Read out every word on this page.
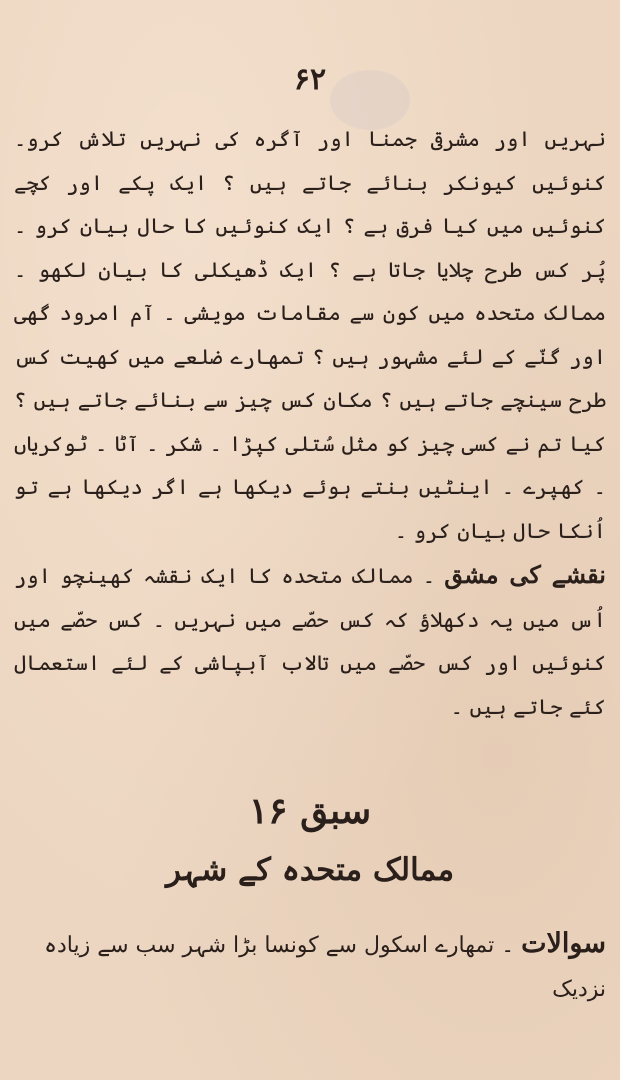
۶۲

نہریں اور مشرقی جمنا اور آگرہ کی نہریں تلاش کرو۔ کنوئیں کیونکر بنائے جاتے ہیں ؟ ایک پکے اور کچے کنوئیں میں کیا فرق ہے ؟ ایک کنوئیں کا حال بیان کرو ۔ پُر کس طرح چلایا جاتا ہے ؟ ایک ڈھیکلی کا بیان لکھو ۔ ممالک متحدہ میں کون سے مقامات مویشی ۔ آم امرود گھی اور گنّے کے لئے مشہور ہیں ؟ تمھارے ضلعے میں کھیت کس طرح سینچے جاتے ہیں ؟ مکان کس چیز سے بنائے جاتے ہیں ؟ کیا تم نے کسی چیز کو مثل سُتلی کپڑا ۔ شکر ۔ آٹا ۔ ٹوکریاں ۔ کھپرے ۔ اینٹیں بنتے ہوئے دیکھا ہے اگر دیکھا ہے تو اُنکا حال بیان کرو ۔

نقشے کی مشق ۔ ممالک متحدہ کا ایک نقشہ کھینچو اور اُس میں یہ دکھلاؤ کہ کس حصّے میں نہریں ۔ کس حصّے میں کنوئیں اور کس حصّے میں تالاب آبپاشی کے لئے استعمال کئے جاتے ہیں ۔

سبق ۱۶
ممالک متحدہ کے شہر
سوالات ۔ تمھارے اسکول سے کونسا بڑا شہر سب سے زیادہ نزدیک
